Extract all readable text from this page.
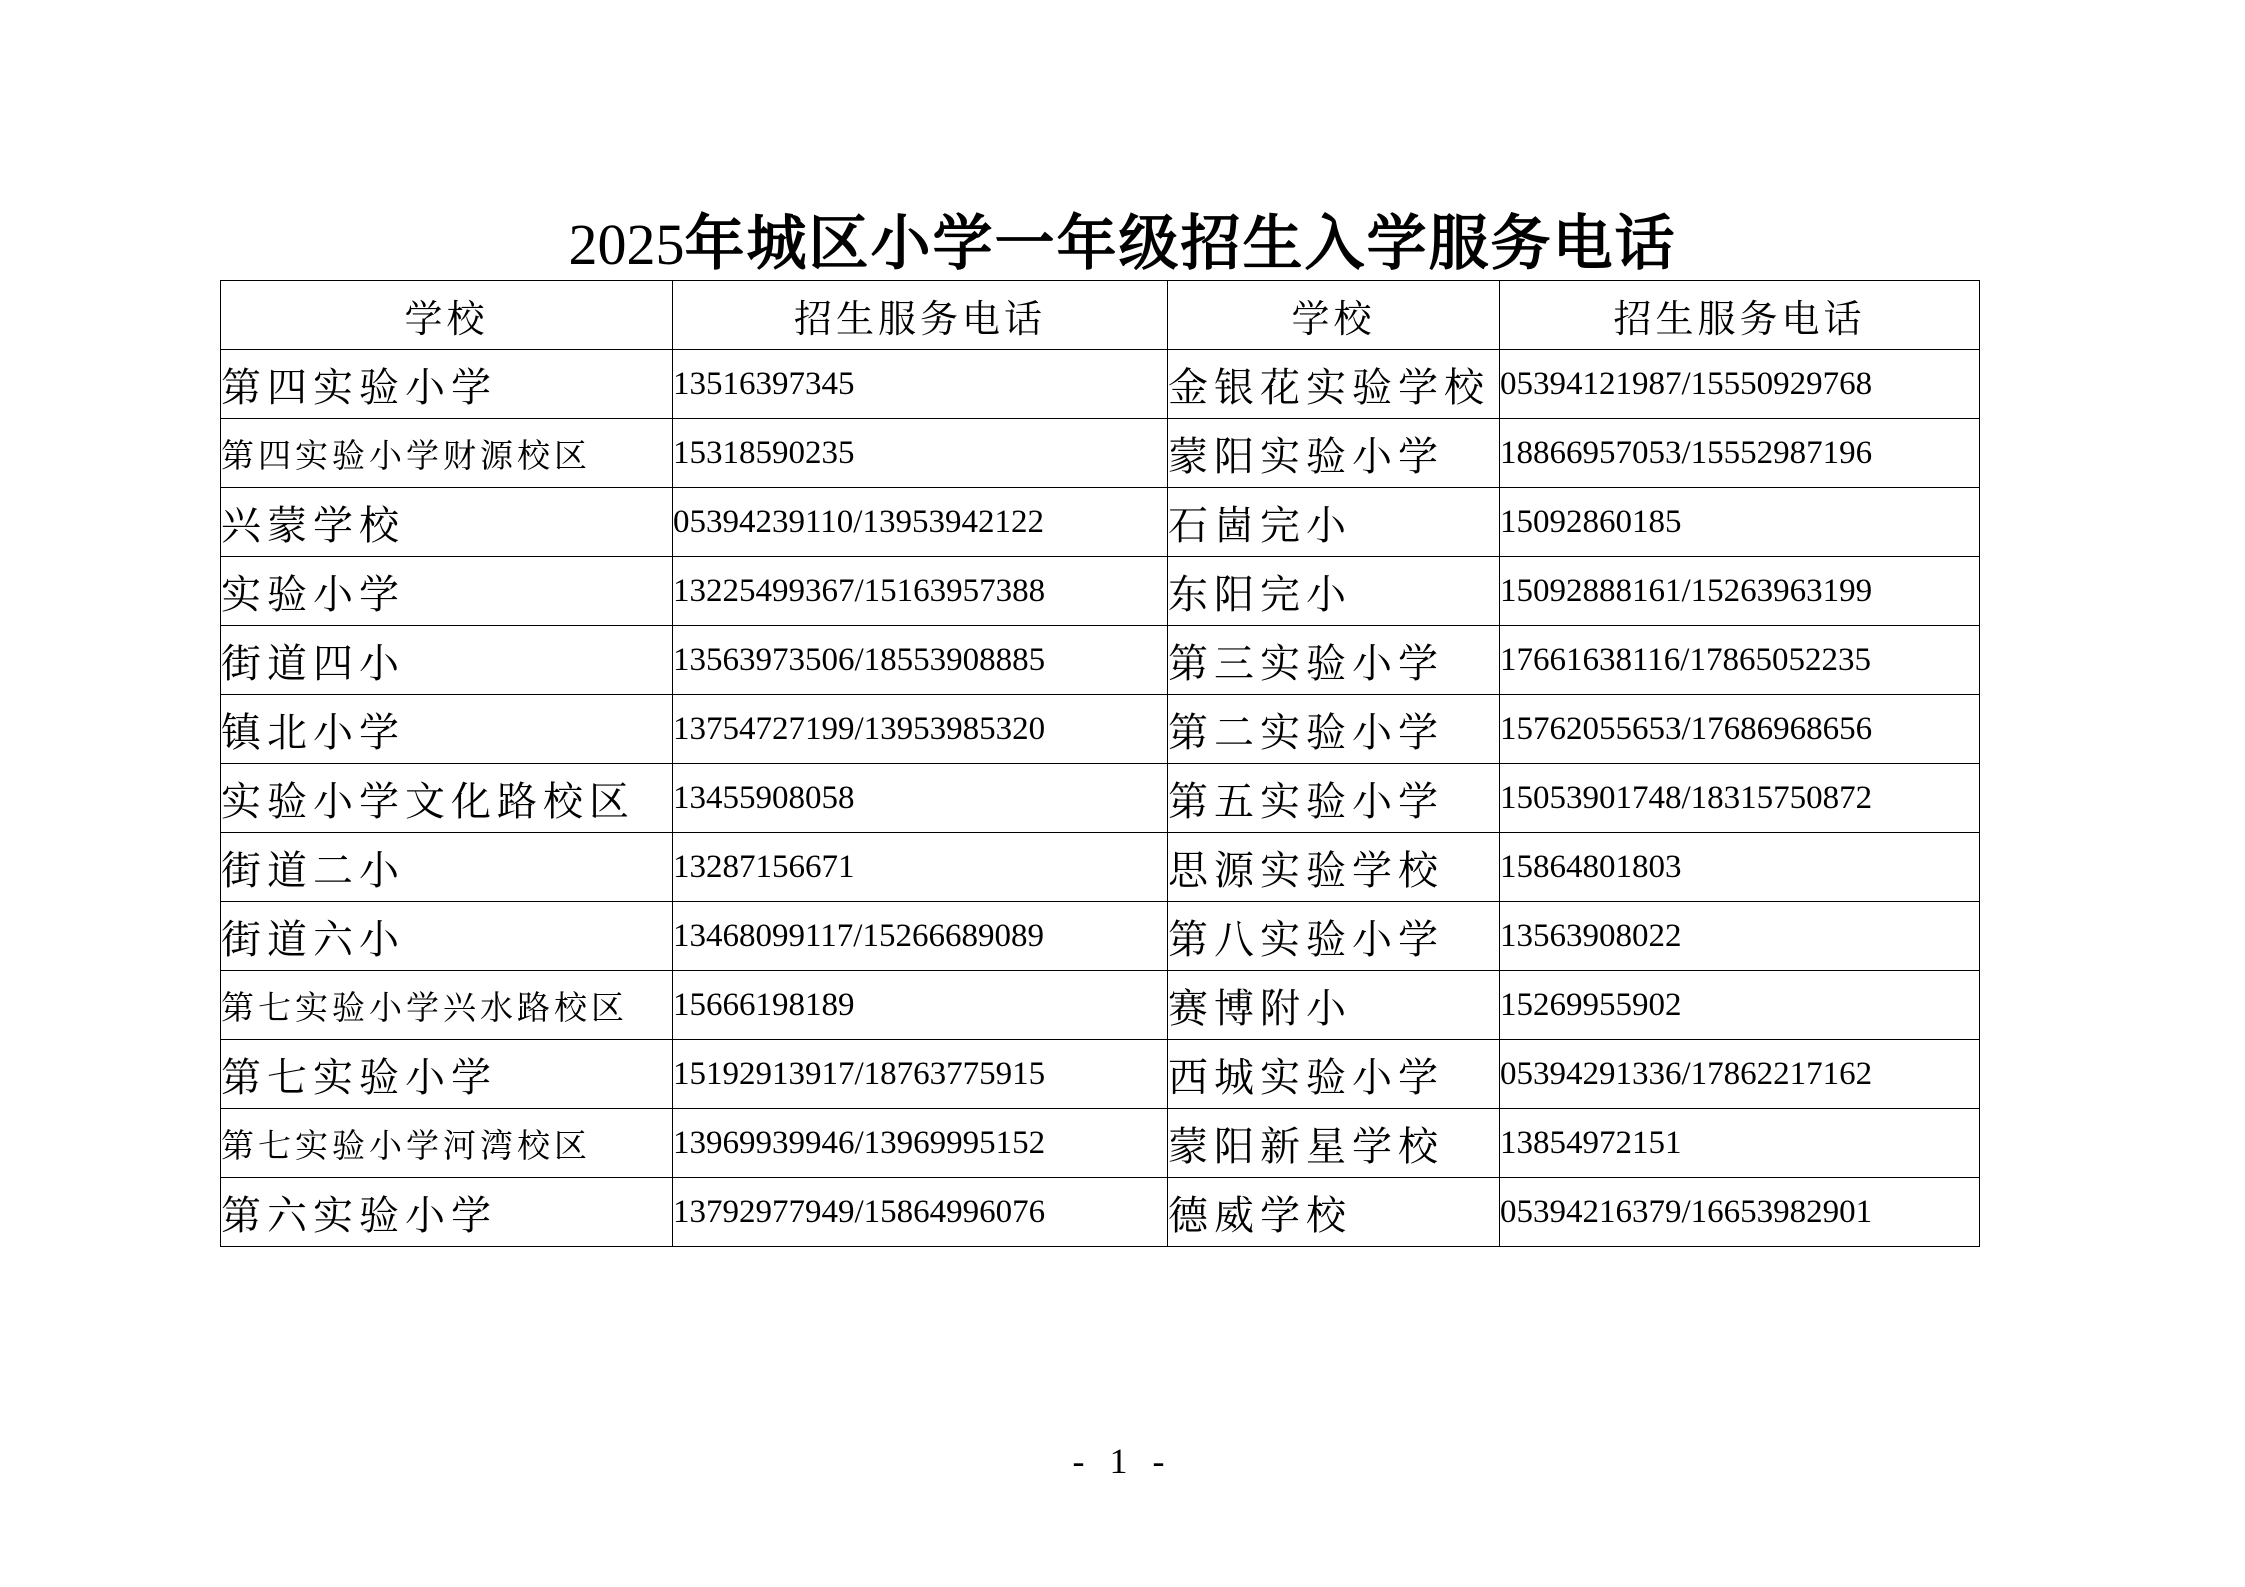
2025年城区小学一年级招生入学服务电话
学校	招生服务电话	学校	招生服务电话
第四实验小学	13516397345	金银花实验学校	05394121987/15550929768
第四实验小学财源校区	15318590235	蒙阳实验小学	18866957053/15552987196
兴蒙学校	05394239110/13953942122	石崮完小	15092860185
实验小学	13225499367/15163957388	东阳完小	15092888161/15263963199
街道四小	13563973506/18553908885	第三实验小学	17661638116/17865052235
镇北小学	13754727199/13953985320	第二实验小学	15762055653/17686968656
实验小学文化路校区	13455908058	第五实验小学	15053901748/18315750872
街道二小	13287156671	思源实验学校	15864801803
街道六小	13468099117/15266689089	第八实验小学	13563908022
第七实验小学兴水路校区	15666198189	赛博附小	15269955902
第七实验小学	15192913917/18763775915	西城实验小学	05394291336/17862217162
第七实验小学河湾校区	13969939946/13969995152	蒙阳新星学校	13854972151
第六实验小学	13792977949/15864996076	德威学校	05394216379/16653982901
- 1 -
